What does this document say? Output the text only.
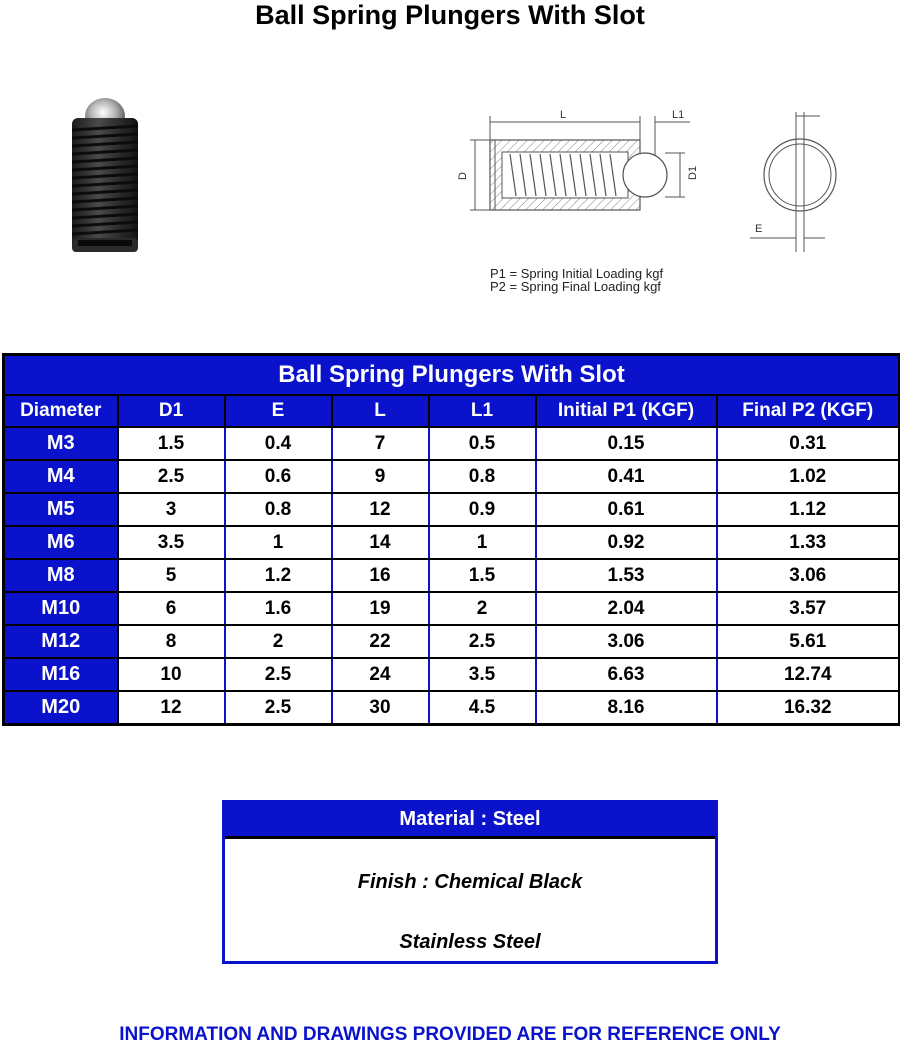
Ball Spring Plungers With Slot
L	L1
D	D1
E
P1 = Spring Initial Loading kgf
P2 = Spring Final Loading kgf
Ball Spring Plungers With Slot						
Diameter	D1	E	L	L1	Initial P1 (KGF)	Final P2 (KGF)
M3	1.5	0.4	7	0.5	0.15	0.31
M4	2.5	0.6	9	0.8	0.41	1.02
M5	3	0.8	12	0.9	0.61	1.12
M6	3.5	1	14	1	0.92	1.33
M8	5	1.2	16	1.5	1.53	3.06
M10	6	1.6	19	2	2.04	3.57
M12	8	2	22	2.5	3.06	5.61
M16	10	2.5	24	3.5	6.63	12.74
M20	12	2.5	30	4.5	8.16	16.32
Material : Steel
Finish : Chemical Black
Stainless Steel
INFORMATION AND DRAWINGS PROVIDED ARE FOR REFERENCE ONLY
